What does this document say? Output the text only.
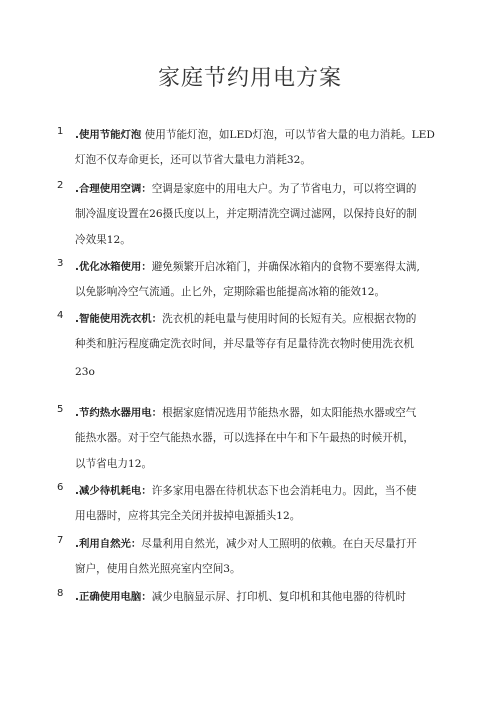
家庭节约用电方案
1	.使用节能灯泡 使用节能灯泡，如LED灯泡，可以节省大量的电力消耗。LED
灯泡不仅寿命更长，还可以节省大量电力消耗32。
2	.合理使用空调：空调是家庭中的用电大户。为了节省电力，可以将空调的
制冷温度设置在26摄氏度以上，并定期清洗空调过滤网，以保持良好的制
冷效果12。
3	.优化冰箱使用：避免频繁开启冰箱门，并确保冰箱内的食物不要塞得太满,
以免影响冷空气流通。止匕外，定期除霜也能提高冰箱的能效12。
4	.智能使用洗衣机：洗衣机的耗电量与使用时间的长短有关。应根据衣物的
种类和脏污程度确定洗衣时间，并尽量等存有足量待洗衣物时使用洗衣机
23o
5	.节约热水器用电：根据家庭情况选用节能热水器，如太阳能热水器或空气
能热水器。对于空气能热水器，可以选择在中午和下午最热的时候开机，
以节省电力12。
6	.减少待机耗电：许多家用电器在待机状态下也会消耗电力。因此，当不使
用电器时，应将其完全关闭并拔掉电源插头12。
7	.利用自然光：尽量利用自然光，减少对人工照明的依赖。在白天尽量打开
窗户，使用自然光照亮室内空间3。
8	.正确使用电脑：减少电脑显示屏、打印机、复印机和其他电器的待机时
